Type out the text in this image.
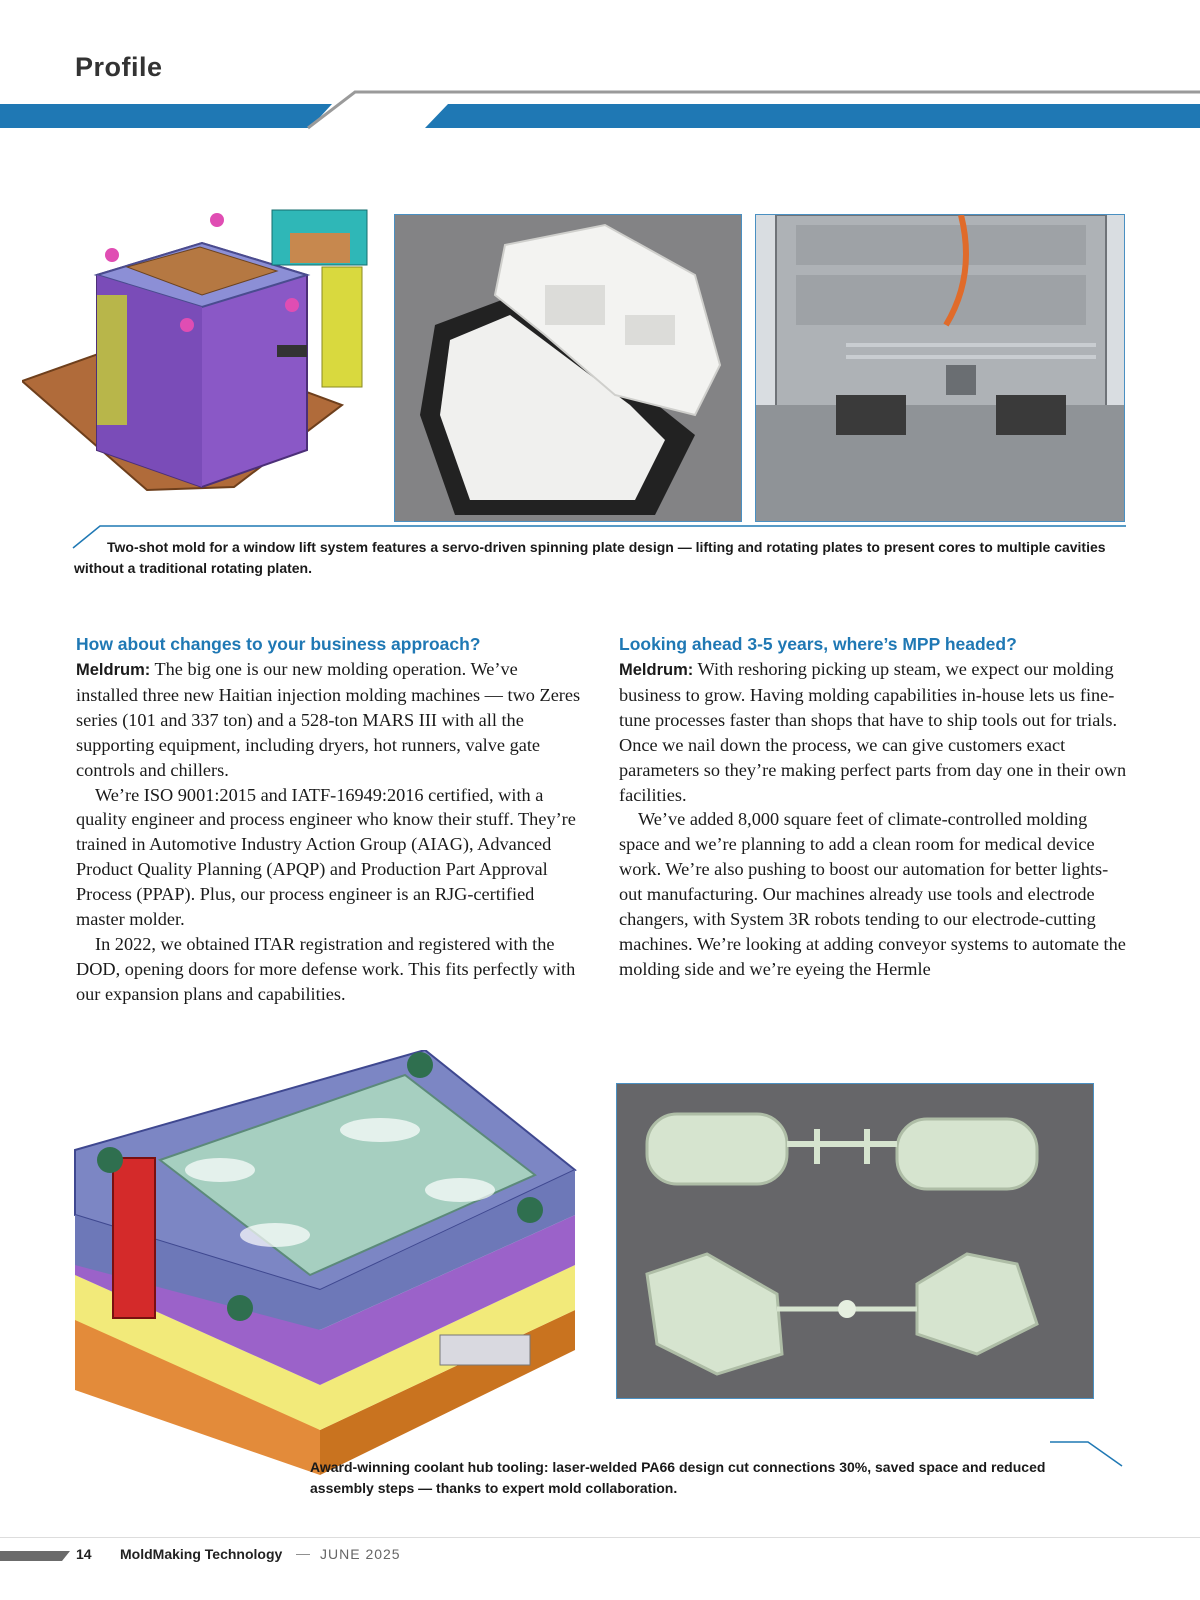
Profile

Two-shot mold for a window lift system features a servo-driven spinning plate design — lifting and rotating plates to present cores to multiple cavities without a traditional rotating platen.

How about changes to your business approach?

Meldrum: The big one is our new molding operation. We’ve installed three new Haitian injection molding machines — two Zeres series (101 and 337 ton) and a 528-ton MARS III with all the supporting equipment, including dryers, hot runners, valve gate controls and chillers.

We’re ISO 9001:2015 and IATF-16949:2016 certified, with a quality engineer and process engineer who know their stuff. They’re trained in Automotive Industry Action Group (AIAG), Advanced Product Quality Planning (APQP) and Production Part Approval Process (PPAP). Plus, our process engineer is an RJG-certified master molder.

In 2022, we obtained ITAR registration and registered with the DOD, opening doors for more defense work. This fits perfectly with our expansion plans and capabilities.

Looking ahead 3-5 years, where’s MPP headed?

Meldrum: With reshoring picking up steam, we expect our molding business to grow. Having molding capabilities in-house lets us fine-tune processes faster than shops that have to ship tools out for trials. Once we nail down the process, we can give customers exact parameters so they’re making perfect parts from day one in their own facilities.

We’ve added 8,000 square feet of climate-controlled molding space and we’re planning to add a clean room for medical device work. We’re also pushing to boost our automation for better lights-out manufacturing. Our machines already use tools and electrode changers, with System 3R robots tending to our electrode-cutting machines. We’re looking at adding conveyor systems to automate the molding side and we’re eyeing the Hermle

Award-winning coolant hub tooling: laser-welded PA66 design cut connections 30%, saved space and reduced assembly steps — thanks to expert mold collaboration.

14 MoldMaking Technology — JUNE 2025
